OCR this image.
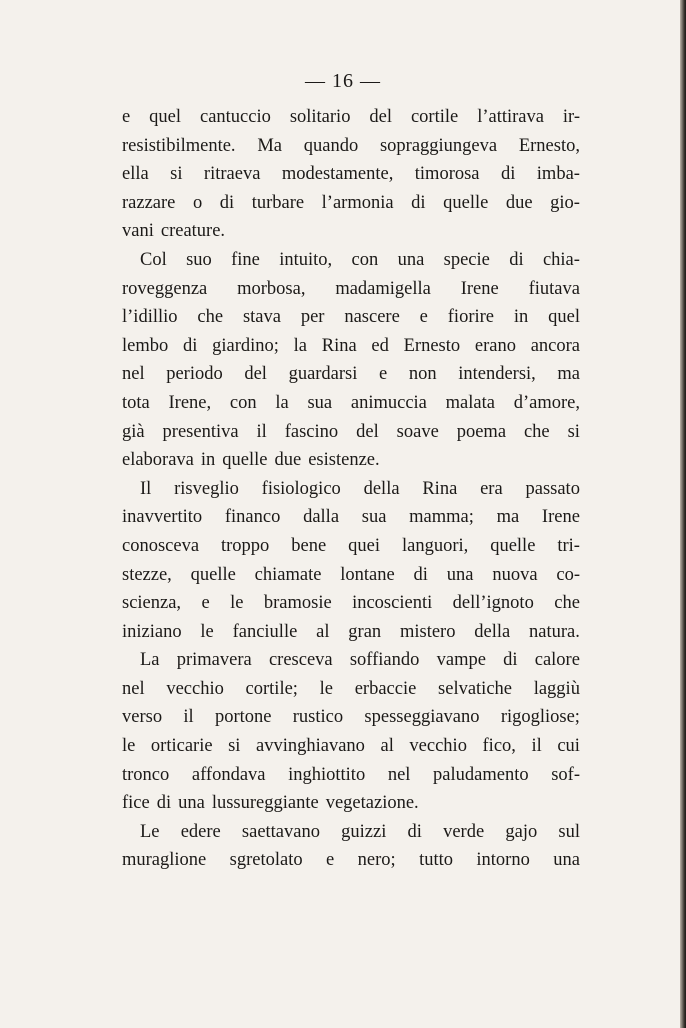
— 16 —
e quel cantuccio solitario del cortile l’attirava ir-
resistibilmente. Ma quando sopraggiungeva Ernesto,
ella si ritraeva modestamente, timorosa di imba-
razzare o di turbare l’armonia di quelle due gio-
vani creature.
Col suo fine intuito, con una specie di chia-
roveggenza morbosa, madamigella Irene fiutava
l’idillio che stava per nascere e fiorire in quel
lembo di giardino; la Rina ed Ernesto erano ancora
nel periodo del guardarsi e non intendersi, ma
tota Irene, con la sua animuccia malata d’amore,
già presentiva il fascino del soave poema che si
elaborava in quelle due esistenze.
Il risveglio fisiologico della Rina era passato
inavvertito financo dalla sua mamma; ma Irene
conosceva troppo bene quei languori, quelle tri-
stezze, quelle chiamate lontane di una nuova co-
scienza, e le bramosie incoscienti dell’ignoto che
iniziano le fanciulle al gran mistero della natura.
La primavera cresceva soffiando vampe di calore
nel vecchio cortile; le erbaccie selvatiche laggiù
verso il portone rustico spesseggiavano rigogliose;
le orticarie si avvinghiavano al vecchio fico, il cui
tronco affondava inghiottito nel paludamento sof-
fice di una lussureggiante vegetazione.
Le edere saettavano guizzi di verde gajo sul
muraglione sgretolato e nero; tutto intorno una
